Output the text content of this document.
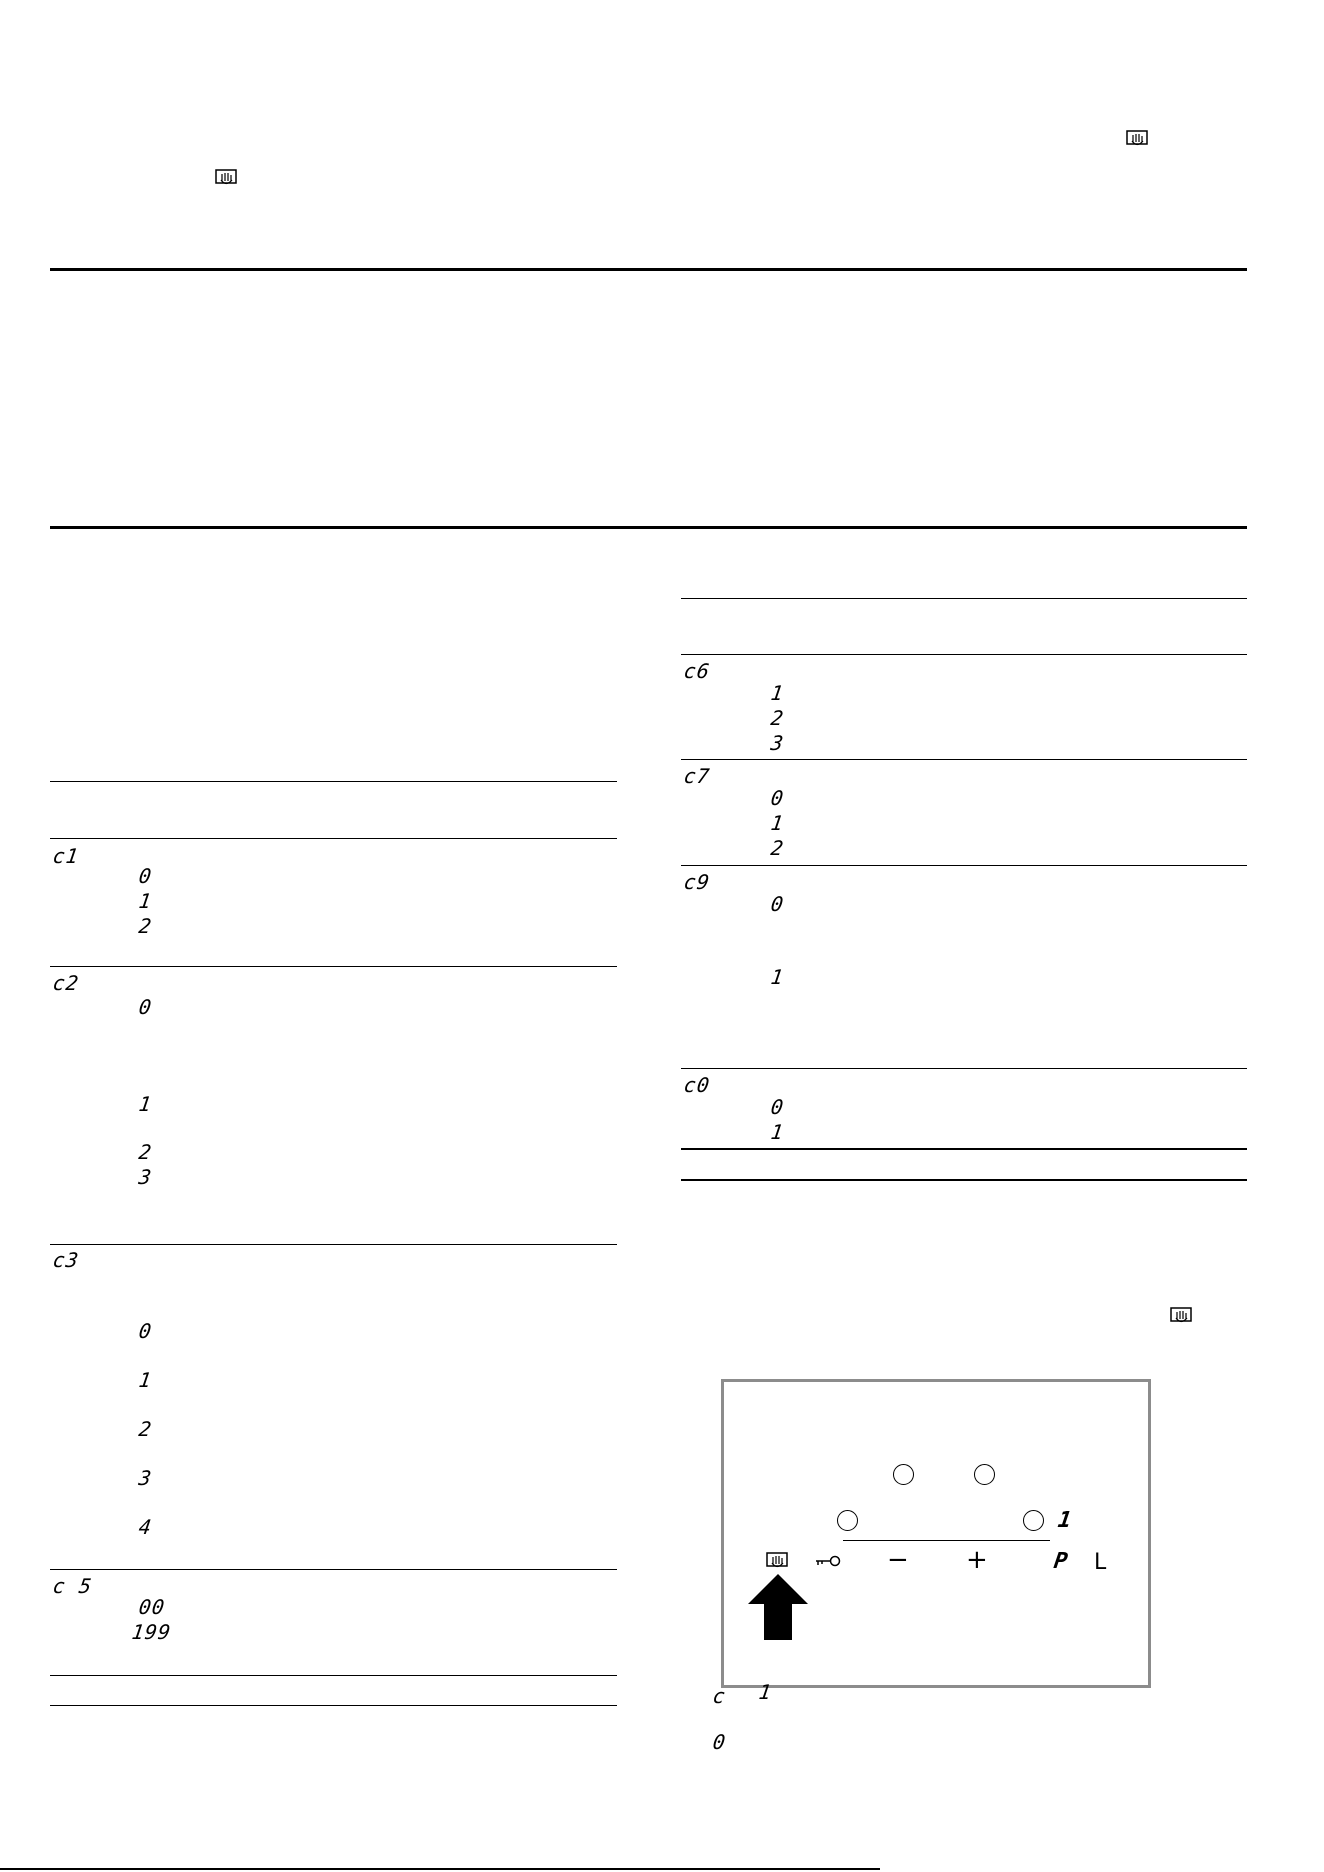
c1
0
1
2
c2
0
1
2
3
c3
0
1
2
3
4
c 5
00
199
c6
1
2
3
c7
0
1
2
c9
0
1
c0
0
1
1
− +	P L
c 1
0
